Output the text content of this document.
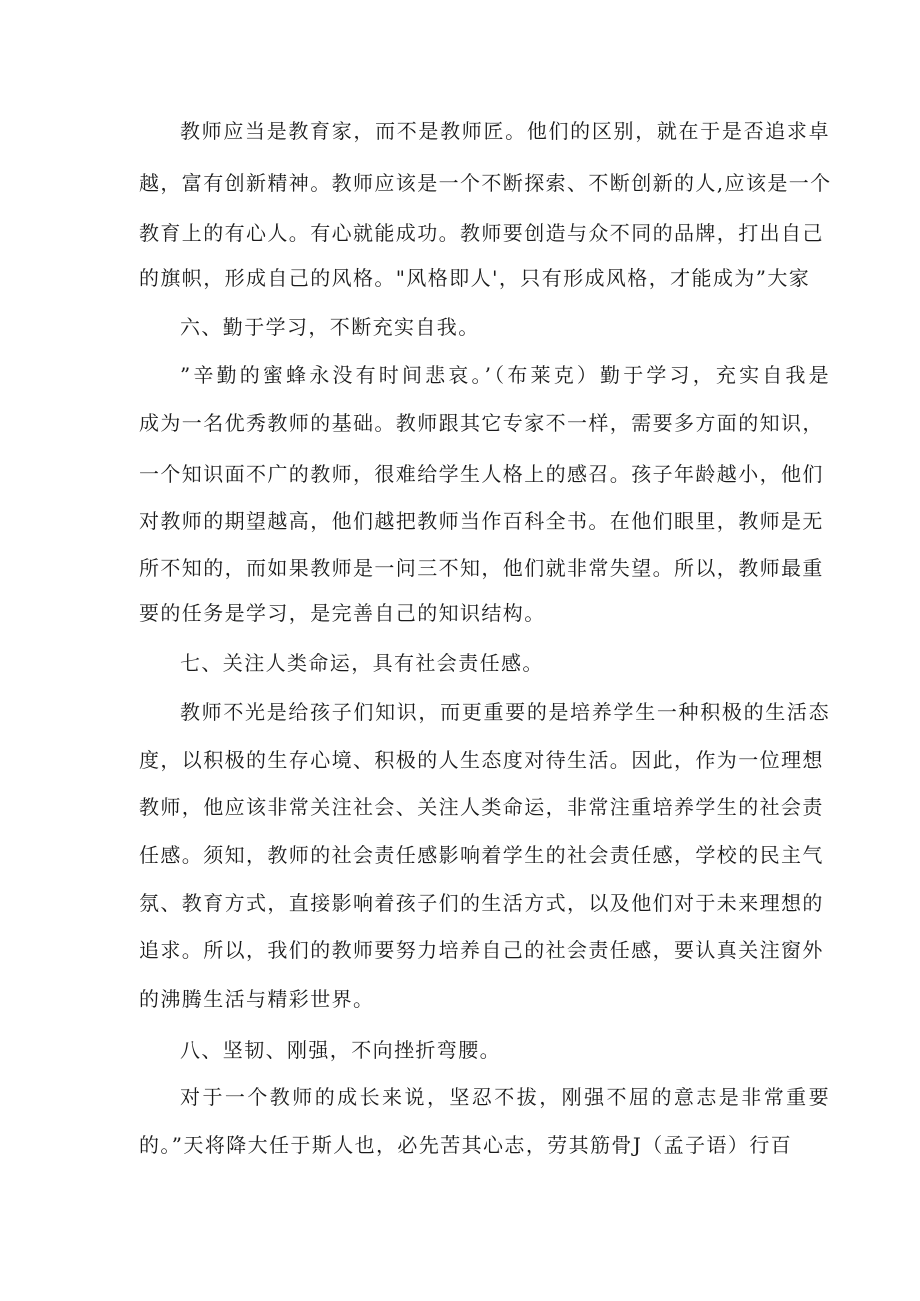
教师应当是教育家，而不是教师匠。他们的区别，就在于是否追求卓
越，富有创新精神。教师应该是一个不断探索、不断创新的人,应该是一个
教育上的有心人。有心就能成功。教师要创造与众不同的品牌，打出自己
的旗帜，形成自己的风格。"风格即人'，只有形成风格，才能成为”大家
六、勤于学习，不断充实自我。
”辛勤的蜜蜂永没有时间悲哀。’（布莱克）勤于学习，充实自我是
成为一名优秀教师的基础。教师跟其它专家不一样，需要多方面的知识，
一个知识面不广的教师，很难给学生人格上的感召。孩子年龄越小，他们
对教师的期望越高，他们越把教师当作百科全书。在他们眼里，教师是无
所不知的，而如果教师是一问三不知，他们就非常失望。所以，教师最重
要的任务是学习，是完善自己的知识结构。
七、关注人类命运，具有社会责任感。
教师不光是给孩子们知识，而更重要的是培养学生一种积极的生活态
度，以积极的生存心境、积极的人生态度对待生活。因此，作为一位理想
教师，他应该非常关注社会、关注人类命运，非常注重培养学生的社会责
任感。须知，教师的社会责任感影响着学生的社会责任感，学校的民主气
氛、教育方式，直接影响着孩子们的生活方式，以及他们对于未来理想的
追求。所以，我们的教师要努力培养自己的社会责任感，要认真关注窗外
的沸腾生活与精彩世界。
八、坚韧、刚强，不向挫折弯腰。
对于一个教师的成长来说，坚忍不拔，刚强不屈的意志是非常重要
的。”天将降大任于斯人也，必先苦其心志，劳其筋骨J（孟子语）行百
